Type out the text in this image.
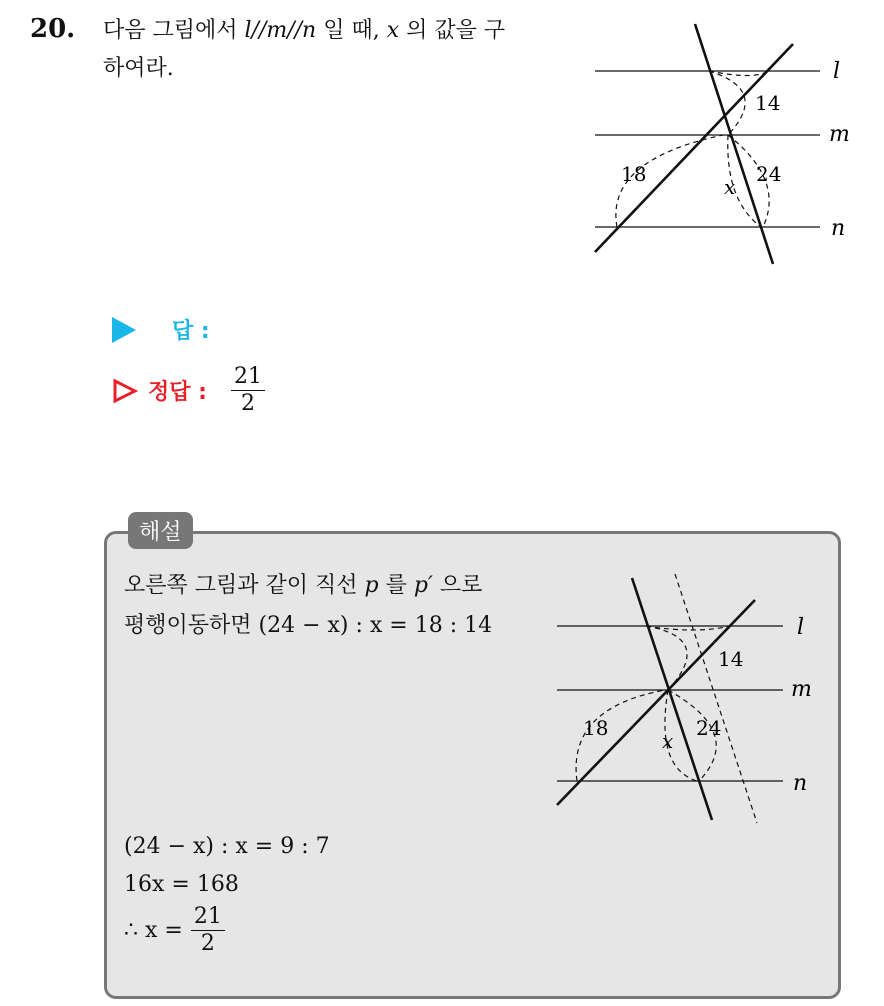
20. 다음 그림에서 l//m//n 일 때, x 의 값을 구
하여라.	l
m
n
14
18	24
x
답 :
정답 : $\frac{21}{2}$
해설
오른쪽 그림과 같이 직선 p 를 p′ 으로
평행이동하면 (24 − x) : x = 18 : 14	l
m
n
14
18	24
x
(24 − x) : x = 9 : 7
16x = 168
∴ $x = \frac{21}{2}$
